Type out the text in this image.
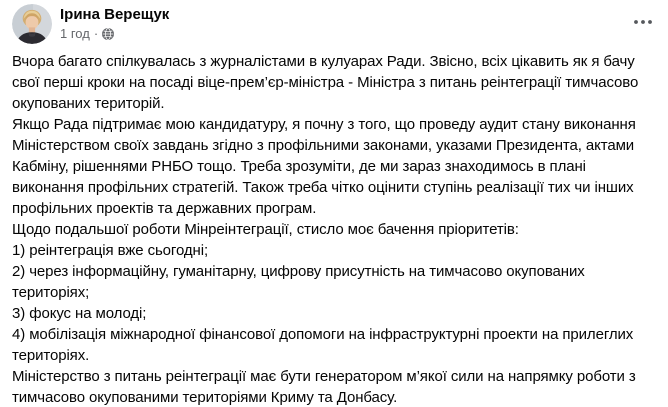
Ірина Верещук
1 год ·
Вчора багато спілкувалась з журналістами в кулуарах Ради. Звісно, всіх цікавить як я бачу свої перші кроки на посаді віце-прем’єр-міністра - Міністра з питань реінтеграції тимчасово окупованих територій.
Якщо Рада підтримає мою кандидатуру, я почну з того, що проведу аудит стану виконання Міністерством своїх завдань згідно з профільними законами, указами Президента, актами Кабміну, рішеннями РНБО тощо. Треба зрозуміти, де ми зараз знаходимось в плані виконання профільних стратегій. Також треба чітко оцінити ступінь реалізації тих чи інших профільних проектів та державних програм.
Щодо подальшої роботи Мінреінтеграції, стисло моє бачення пріоритетів:
1) реінтеграція вже сьогодні;
2) через інформаційну, гуманітарну, цифрову присутність на тимчасово окупованих територіях;
3) фокус на молоді;
4) мобілізація міжнародної фінансової допомоги на інфраструктурні проекти на прилеглих територіях.
Міністерство з питань реінтеграції має бути генератором м’якої сили на напрямку роботи з тимчасово окупованими територіями Криму та Донбасу.
